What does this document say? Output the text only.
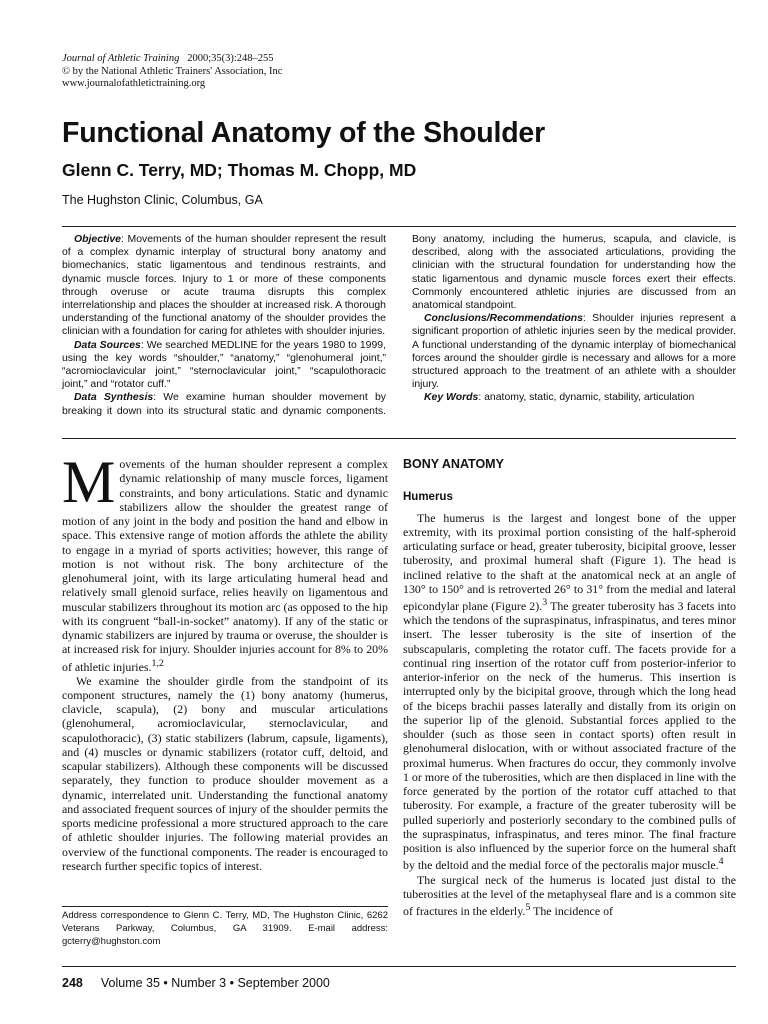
Journal of Athletic Training 2000;35(3):248–255
© by the National Athletic Trainers' Association, Inc
www.journalofathletictraining.org
Functional Anatomy of the Shoulder
Glenn C. Terry, MD; Thomas M. Chopp, MD
The Hughston Clinic, Columbus, GA

Objective: Movements of the human shoulder represent the result of a complex dynamic interplay of structural bony anatomy and biomechanics, static ligamentous and tendinous restraints, and dynamic muscle forces. Injury to 1 or more of these components through overuse or acute trauma disrupts this complex interrelationship and places the shoulder at increased risk. A thorough understanding of the functional anatomy of the shoulder provides the clinician with a foundation for caring for athletes with shoulder injuries.

Data Sources: We searched MEDLINE for the years 1980 to 1999, using the key words “shoulder,” “anatomy,” “glenohumeral joint,” “acromioclavicular joint,” “sternoclavicular joint,” “scapulothoracic joint,” and “rotator cuff.”

Data Synthesis: We examine human shoulder movement by breaking it down into its structural static and dynamic components. Bony anatomy, including the humerus, scapula, and clavicle, is described, along with the associated articulations, providing the clinician with the structural foundation for understanding how the static ligamentous and dynamic muscle forces exert their effects. Commonly encountered athletic injuries are discussed from an anatomical standpoint.

Conclusions/Recommendations: Shoulder injuries represent a significant proportion of athletic injuries seen by the medical provider. A functional understanding of the dynamic interplay of biomechanical forces around the shoulder girdle is necessary and allows for a more structured approach to the treatment of an athlete with a shoulder injury.

Key Words: anatomy, static, dynamic, stability, articulation

Movements of the human shoulder represent a complex dynamic relationship of many muscle forces, ligament constraints, and bony articulations. Static and dynamic stabilizers allow the shoulder the greatest range of motion of any joint in the body and position the hand and elbow in space. This extensive range of motion affords the athlete the ability to engage in a myriad of sports activities; however, this range of motion is not without risk. The bony architecture of the glenohumeral joint, with its large articulating humeral head and relatively small glenoid surface, relies heavily on ligamentous and muscular stabilizers throughout its motion arc (as opposed to the hip with its congruent “ball-in-socket” anatomy). If any of the static or dynamic stabilizers are injured by trauma or overuse, the shoulder is at increased risk for injury. Shoulder injuries account for 8% to 20% of athletic injuries.$^{1,2}$

We examine the shoulder girdle from the standpoint of its component structures, namely the (1) bony anatomy (humerus, clavicle, scapula), (2) bony and muscular articulations (glenohumeral, acromioclavicular, sternoclavicular, and scapulothoracic), (3) static stabilizers (labrum, capsule, ligaments), and (4) muscles or dynamic stabilizers (rotator cuff, deltoid, and scapular stabilizers). Although these components will be discussed separately, they function to produce shoulder movement as a dynamic, interrelated unit. Understanding the functional anatomy and associated frequent sources of injury of the shoulder permits the sports medicine professional a more structured approach to the care of athletic shoulder injuries. The following material provides an overview of the functional components. The reader is encouraged to research further specific topics of interest.

Address correspondence to Glenn C. Terry, MD, The Hughston Clinic, 6262 Veterans Parkway, Columbus, GA 31909. E-mail address: gcterry@hughston.com
BONY ANATOMY
Humerus

The humerus is the largest and longest bone of the upper extremity, with its proximal portion consisting of the half-spheroid articulating surface or head, greater tuberosity, bicipital groove, lesser tuberosity, and proximal humeral shaft (Figure 1). The head is inclined relative to the shaft at the anatomical neck at an angle of 130° to 150° and is retroverted 26° to 31° from the medial and lateral epicondylar plane (Figure 2).$^3$ The greater tuberosity has 3 facets into which the tendons of the supraspinatus, infraspinatus, and teres minor insert. The lesser tuberosity is the site of insertion of the subscapularis, completing the rotator cuff. The facets provide for a continual ring insertion of the rotator cuff from posterior-inferior to anterior-inferior on the neck of the humerus. This insertion is interrupted only by the bicipital groove, through which the long head of the biceps brachii passes laterally and distally from its origin on the superior lip of the glenoid. Substantial forces applied to the shoulder (such as those seen in contact sports) often result in glenohumeral dislocation, with or without associated fracture of the proximal humerus. When fractures do occur, they commonly involve 1 or more of the tuberosities, which are then displaced in line with the force generated by the portion of the rotator cuff attached to that tuberosity. For example, a fracture of the greater tuberosity will be pulled superiorly and posteriorly secondary to the combined pulls of the supraspinatus, infraspinatus, and teres minor. The final fracture position is also influenced by the superior force on the humeral shaft by the deltoid and the medial force of the pectoralis major muscle.$^4$

The surgical neck of the humerus is located just distal to the tuberosities at the level of the metaphyseal flare and is a common site of fractures in the elderly.$^5$ The incidence of

248 Volume 35 • Number 3 • September 2000
